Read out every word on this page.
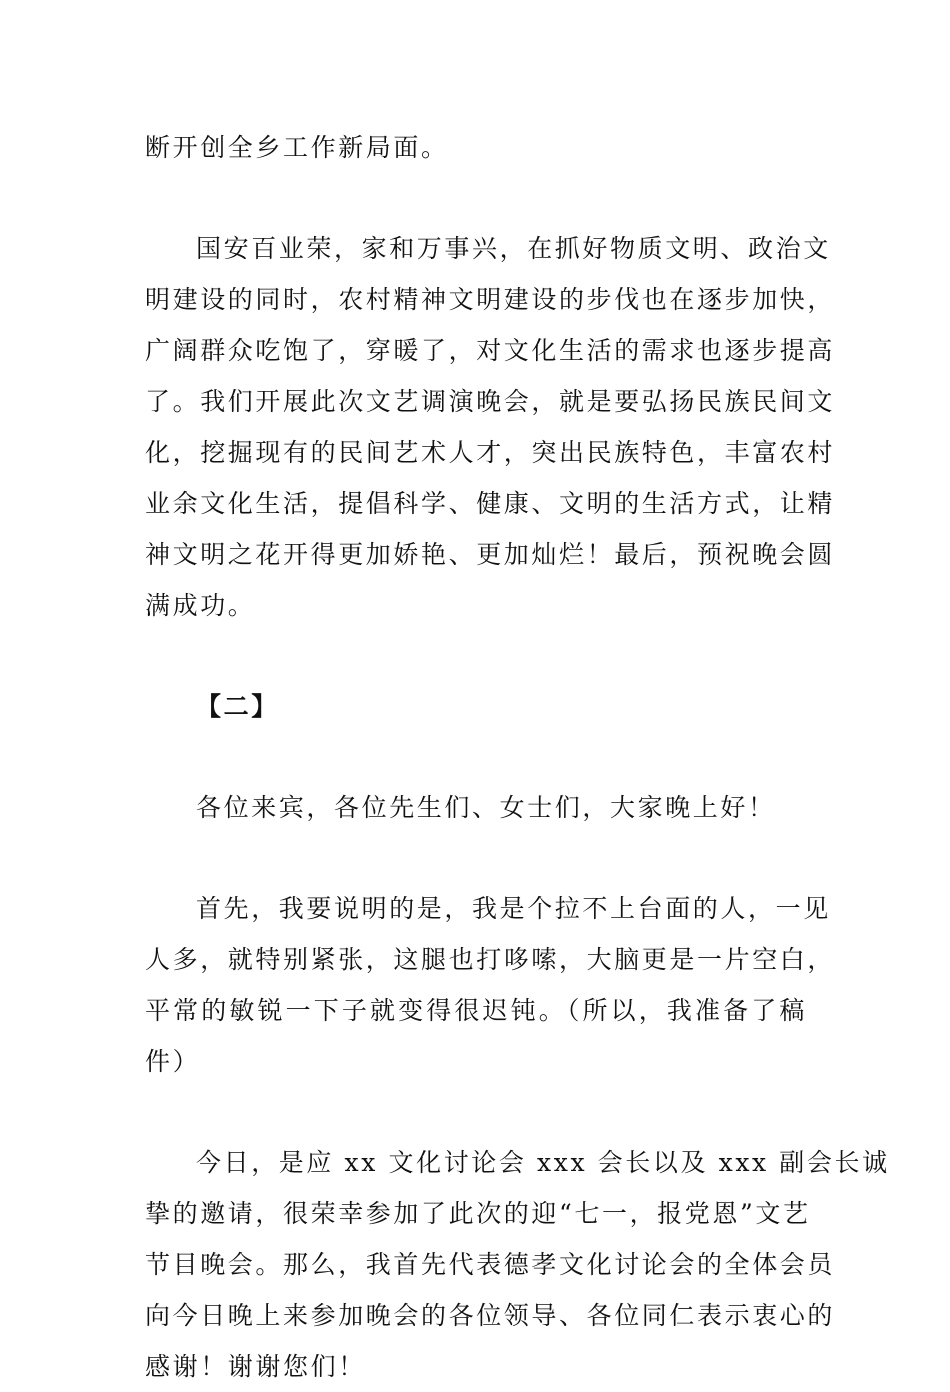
断开创全乡工作新局面。
国安百业荣，家和万事兴，在抓好物质文明、政治文
明建设的同时，农村精神文明建设的步伐也在逐步加快，
广阔群众吃饱了，穿暖了，对文化生活的需求也逐步提高
了。我们开展此次文艺调演晚会，就是要弘扬民族民间文
化，挖掘现有的民间艺术人才，突出民族特色，丰富农村
业余文化生活，提倡科学、健康、文明的生活方式，让精
神文明之花开得更加娇艳、更加灿烂！最后，预祝晚会圆
满成功。
【二】
各位来宾，各位先生们、女士们，大家晚上好！
首先，我要说明的是，我是个拉不上台面的人，一见
人多，就特别紧张，这腿也打哆嗦，大脑更是一片空白，
平常的敏锐一下子就变得很迟钝。（所以，我准备了稿
件）
今日，是应 xx 文化讨论会 xxx 会长以及 xxx 副会长诚
挚的邀请，很荣幸参加了此次的迎“七一，报党恩”文艺
节目晚会。那么，我首先代表德孝文化讨论会的全体会员
向今日晚上来参加晚会的各位领导、各位同仁表示衷心的
感谢！谢谢您们！
